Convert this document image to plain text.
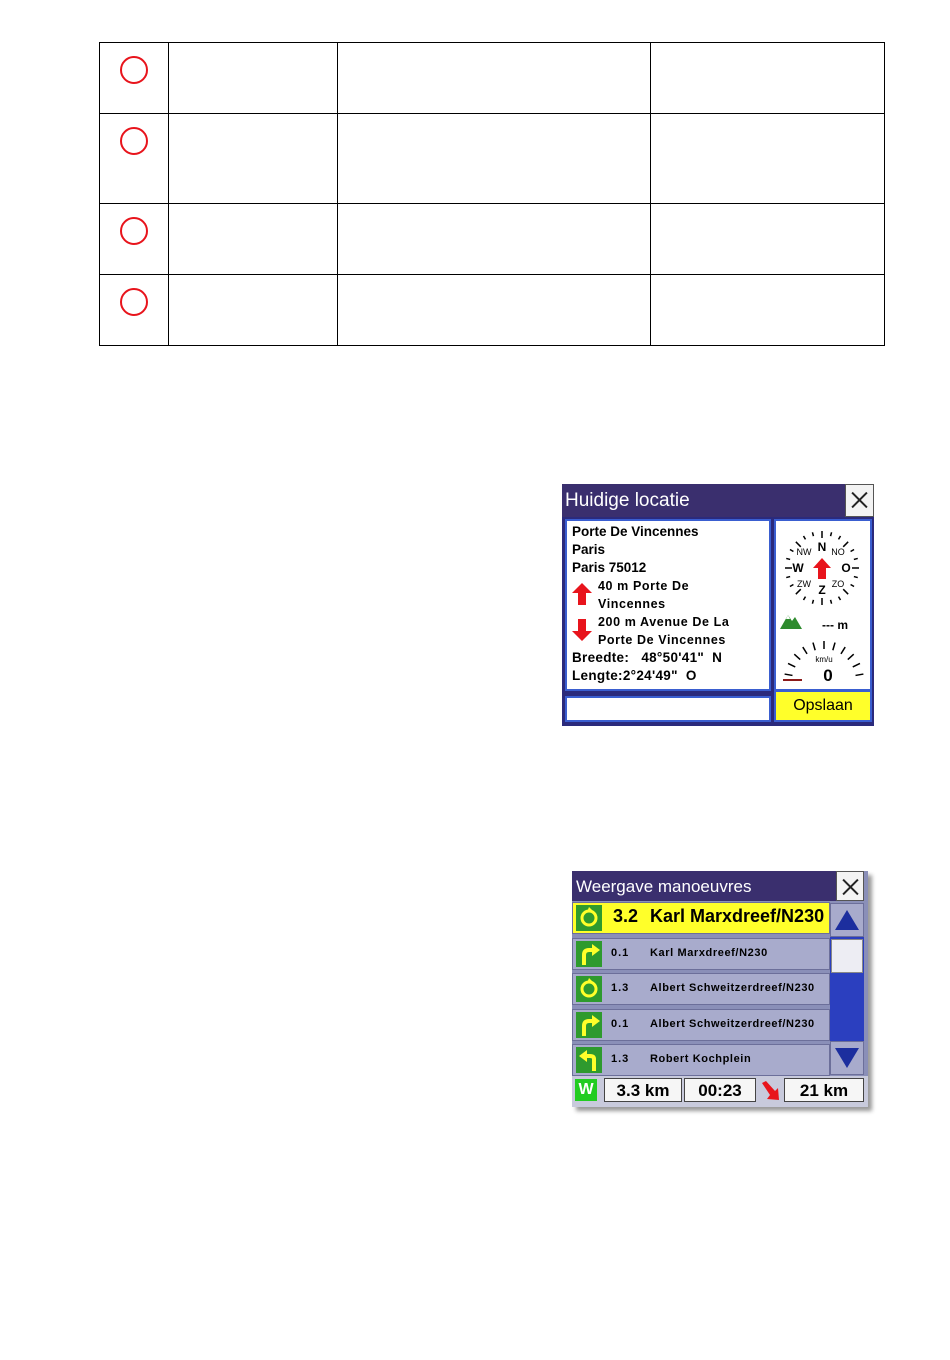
Huidige locatie
Porte De Vincennes
Paris
Paris 75012
40 m Porte De
Vincennes
200 m Avenue De La
Porte De Vincennes
Breedte:   48°50'41"  N
Lengte:2°24'49"  O
N
NW NO
W	O
ZW ZO
Z
--- m
km/u
0
Opslaan
Weergave manoeuvres
3.2 Karl Marxdreef/N230
0.1 Karl Marxdreef/N230
1.3 Albert Schweitzerdreef/N230
0.1 Albert Schweitzerdreef/N230
1.3 Robert Kochplein
W	3.3 km	00:23	21 km
